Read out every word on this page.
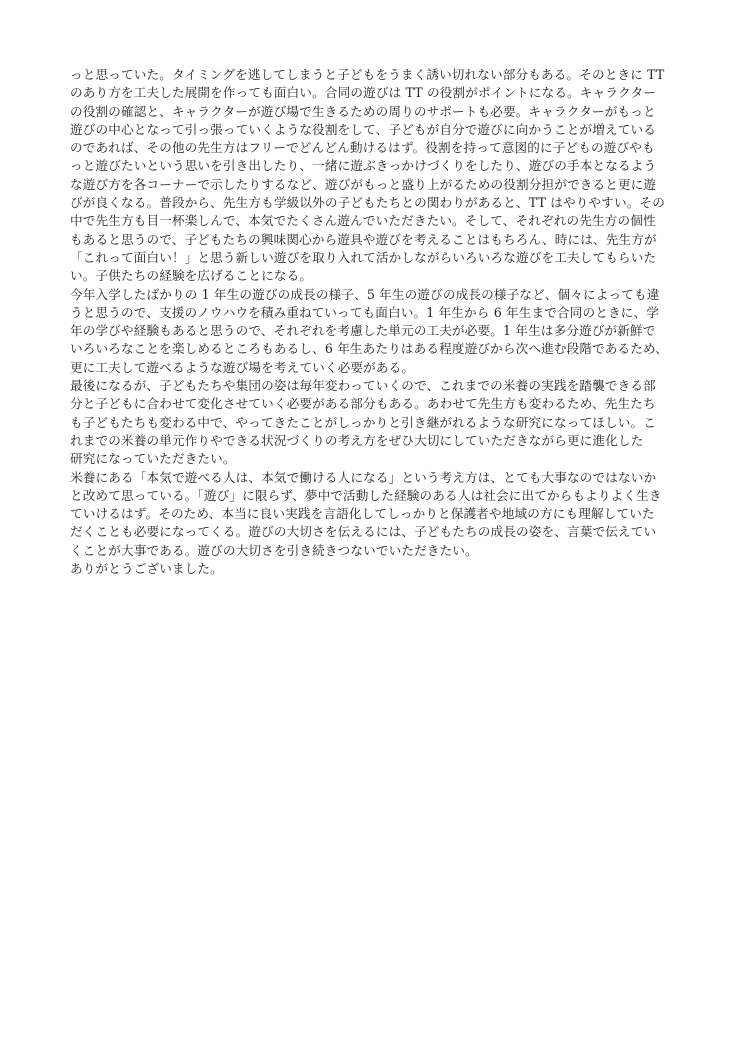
っと思っていた。タイミングを逃してしまうと子どもをうまく誘い切れない部分もある。そのときに TT
のあり方を工夫した展開を作っても面白い。合同の遊びは TT の役割がポイントになる。キャラクター
の役割の確認と、キャラクターが遊び場で生きるための周りのサポートも必要。キャラクターがもっと
遊びの中心となって引っ張っていくような役割をして、子どもが自分で遊びに向かうことが増えている
のであれば、その他の先生方はフリーでどんどん動けるはず。役割を持って意図的に子どもの遊びやも
っと遊びたいという思いを引き出したり、一緒に遊ぶきっかけづくりをしたり、遊びの手本となるよう
な遊び方を各コーナーで示したりするなど、遊びがもっと盛り上がるための役割分担ができると更に遊
びが良くなる。普段から、先生方も学級以外の子どもたちとの関わりがあると、TT はやりやすい。その
中で先生方も目一杯楽しんで、本気でたくさん遊んでいただきたい。そして、それぞれの先生方の個性
もあると思うので、子どもたちの興味関心から遊具や遊びを考えることはもちろん、時には、先生方が
「これって面白い！」と思う新しい遊びを取り入れて活かしながらいろいろな遊びを工夫してもらいた
い。子供たちの経験を広げることになる。
今年入学したばかりの 1 年生の遊びの成長の様子、5 年生の遊びの成長の様子など、個々によっても違
うと思うので、支援のノウハウを積み重ねていっても面白い。1 年生から 6 年生まで合同のときに、学
年の学びや経験もあると思うので、それぞれを考慮した単元の工夫が必要。1 年生は多分遊びが新鮮で
いろいろなことを楽しめるところもあるし、6 年生あたりはある程度遊びから次へ進む段階であるため、
更に工夫して遊べるような遊び場を考えていく必要がある。
最後になるが、子どもたちや集団の姿は毎年変わっていくので、これまでの米養の実践を踏襲できる部
分と子どもに合わせて変化させていく必要がある部分もある。あわせて先生方も変わるため、先生たち
も子どもたちも変わる中で、やってきたことがしっかりと引き継がれるような研究になってほしい。こ
れまでの米養の単元作りやできる状況づくりの考え方をぜひ大切にしていただきながら更に進化した
研究になっていただきたい。
米養にある「本気で遊べる人は、本気で働ける人になる」という考え方は、とても大事なのではないか
と改めて思っている。「遊び」に限らず、夢中で活動した経験のある人は社会に出てからもよりよく生き
ていけるはず。そのため、本当に良い実践を言語化してしっかりと保護者や地域の方にも理解していた
だくことも必要になってくる。遊びの大切さを伝えるには、子どもたちの成長の姿を、言葉で伝えてい
くことが大事である。遊びの大切さを引き続きつないでいただきたい。
ありがとうございました。
